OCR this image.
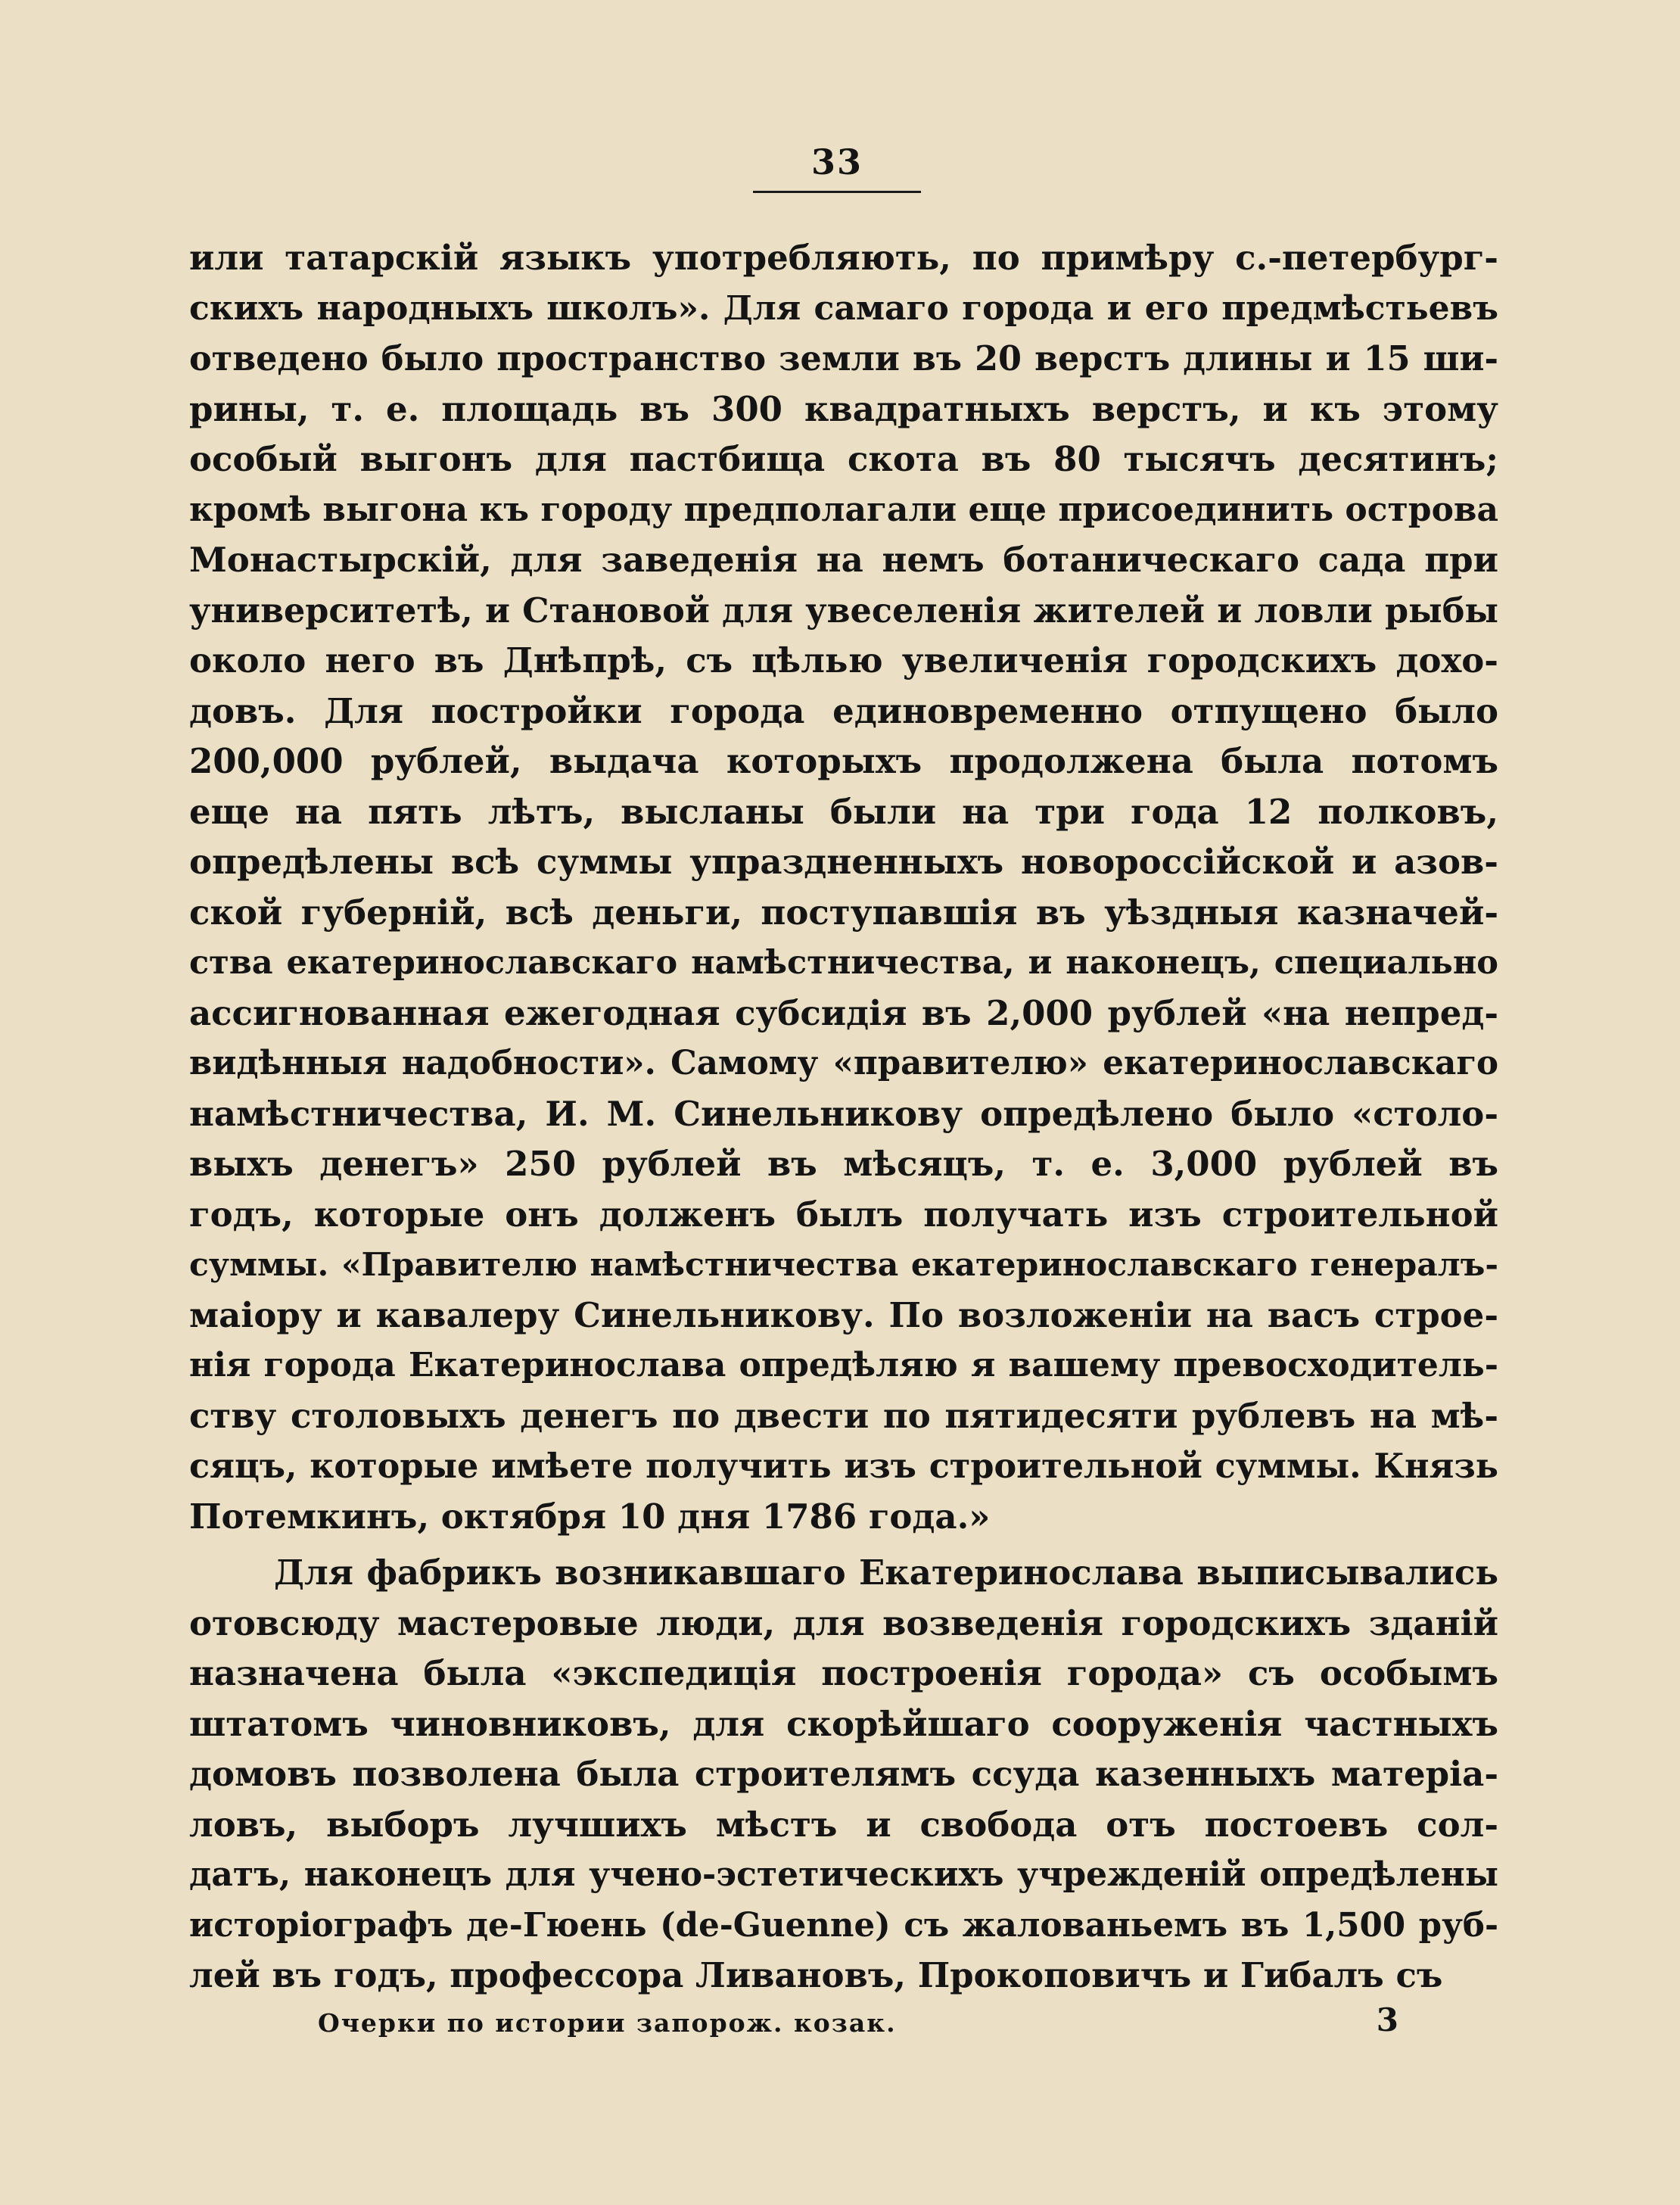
33
или татарскій языкъ употребляють, по примѣру с.-петербург-
скихъ народныхъ школъ». Для самаго города и его предмѣстьевъ
отведено было пространство земли въ 20 верстъ длины и 15 ши-
рины, т. е. площадь въ 300 квадратныхъ верстъ, и къ этому
особый выгонъ для пастбища скота въ 80 тысячъ десятинъ;
кромѣ выгона къ городу предполагали еще присоединить острова
Монастырскій, для заведенія на немъ ботаническаго сада при
университетѣ, и Становой для увеселенія жителей и ловли рыбы
около него въ Днѣпрѣ, съ цѣлью увеличенія городскихъ дохо-
довъ. Для постройки города единовременно отпущено было
200,000 рублей, выдача которыхъ продолжена была потомъ
еще на пять лѣтъ, высланы были на три года 12 полковъ,
опредѣлены всѣ суммы упраздненныхъ новороссійской и азов-
ской губерній, всѣ деньги, поступавшія въ уѣздныя казначей-
ства екатеринославскаго намѣстничества, и наконецъ, специально
ассигнованная ежегодная субсидія въ 2,000 рублей «на непред-
видѣнныя надобности». Самому «правителю» екатеринославскаго
намѣстничества, И. М. Синельникову опредѣлено было «столо-
выхъ денегъ» 250 рублей въ мѣсяцъ, т. е. 3,000 рублей въ
годъ, которые онъ долженъ былъ получать изъ строительной
суммы. «Правителю намѣстничества екатеринославскаго генералъ-
маіору и кавалеру Синельникову. По возложеніи на васъ строе-
нія города Екатеринослава опредѣляю я вашему превосходитель-
ству столовыхъ денегъ по двести по пятидесяти рублевъ на мѣ-
сяцъ, которые имѣете получить изъ строительной суммы. Князь
Потемкинъ, октября 10 дня 1786 года.»
Для фабрикъ возникавшаго Екатеринослава выписывались
отовсюду мастеровые люди, для возведенія городскихъ зданій
назначена была «экспедиція построенія города» съ особымъ
штатомъ чиновниковъ, для скорѣйшаго сооруженія частныхъ
домовъ позволена была строителямъ ссуда казенныхъ матеріа-
ловъ, выборъ лучшихъ мѣстъ и свобода отъ постоевъ сол-
датъ, наконецъ для учено-эстетическихъ учрежденій опредѣлены
исторіографъ де-Гюень (de-Guenne) съ жалованьемъ въ 1,500 руб-
лей въ годъ, профессора Ливановъ, Прокоповичъ и Гибалъ съ
Очерки по истории запорож. козак.	3
